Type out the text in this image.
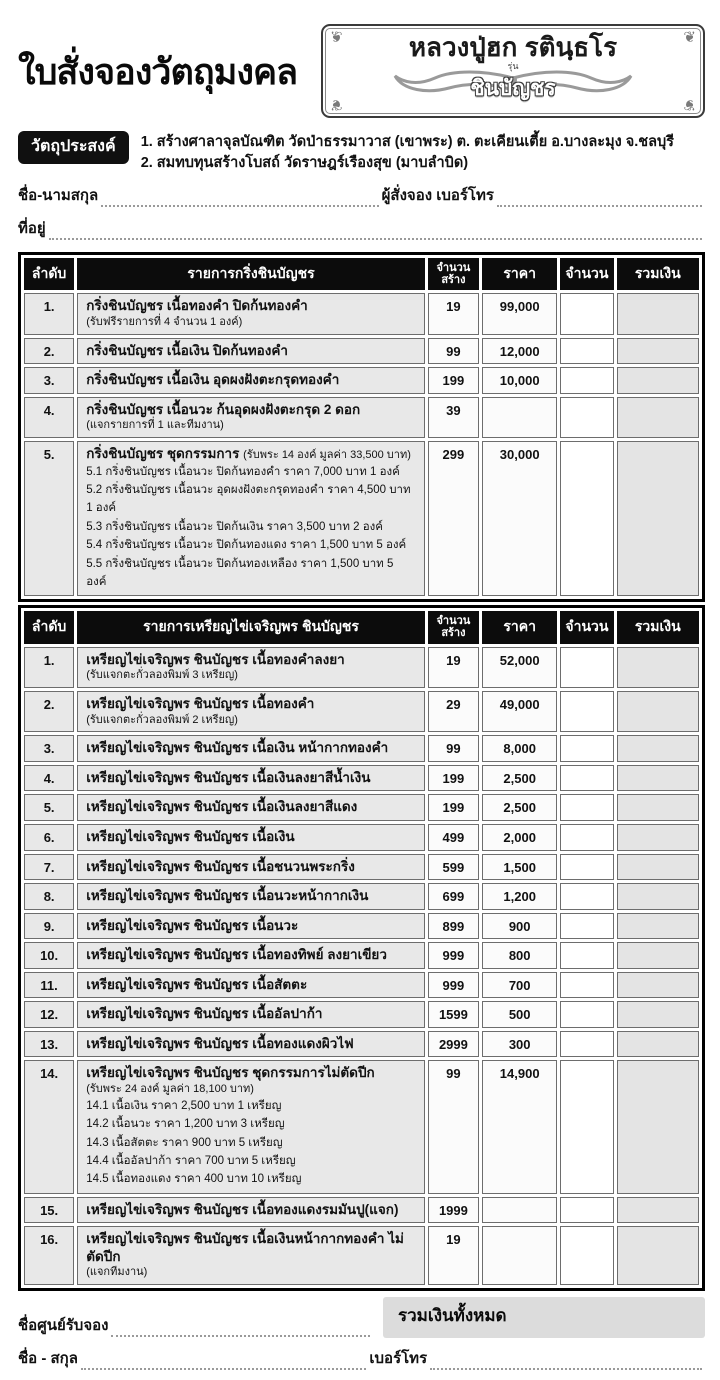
ใบสั่งจองวัตถุมงคล
❦	❦
❦	❦
หลวงปู่ฮก รตินฺธโร
รุ่น
ชินบัญชร
วัตถุประสงค์	1. สร้างศาลาจุลบัณฑิต วัดป่าธรรมาวาส (เขาพระ) ต. ตะเคียนเตี้ย อ.บางละมุง จ.ชลบุรี
2. สมทบทุนสร้างโบสถ์ วัดราษฎร์เรืองสุข (มาบลำบิด)
ชื่อ-นามสกุล	ผู้สั่งจอง เบอร์โทร
ที่อยู่
ลำดับ	รายการกริ่งชินบัญชร	จำนวน
สร้าง	ราคา	จำนวน	รวมเงิน
1.	กริ่งชินบัญชร เนื้อทองคำ ปิดก้นทองคำ
(รับฟรีรายการที่ 4 จำนวน 1 องค์)	19	99,000		
2.	กริ่งชินบัญชร เนื้อเงิน ปิดก้นทองคำ	99	12,000		
3.	กริ่งชินบัญชร เนื้อเงิน อุดผงฝังตะกรุดทองคำ	199	10,000		
4.	กริ่งชินบัญชร เนื้อนวะ ก้นอุดผงฝังตะกรุด 2 ดอก
(แจกรายการที่ 1 และทีมงาน)	39			
5.	กริ่งชินบัญชร ชุดกรรมการ (รับพระ 14 องค์ มูลค่า 33,500 บาท)
5.1 กริ่งชินบัญชร เนื้อนวะ ปิดก้นทองคำ ราคา 7,000 บาท 1 องค์
5.2 กริ่งชินบัญชร เนื้อนวะ อุดผงฝังตะกรุดทองคำ ราคา 4,500 บาท 1 องค์
5.3 กริ่งชินบัญชร เนื้อนวะ ปิดก้นเงิน ราคา 3,500 บาท 2 องค์
5.4 กริ่งชินบัญชร เนื้อนวะ ปิดก้นทองแดง ราคา 1,500 บาท 5 องค์
5.5 กริ่งชินบัญชร เนื้อนวะ ปิดก้นทองเหลือง ราคา 1,500 บาท 5 องค์
	299	30,000		
ลำดับ	รายการเหรียญไข่เจริญพร ชินบัญชร	จำนวน
สร้าง	ราคา	จำนวน	รวมเงิน
1.	เหรียญไข่เจริญพร ชินบัญชร เนื้อทองคำลงยา
(รับแจกตะกั่วลองพิมพ์ 3 เหรียญ)	19	52,000		
2.	เหรียญไข่เจริญพร ชินบัญชร เนื้อทองคำ
(รับแจกตะกั่วลองพิมพ์ 2 เหรียญ)	29	49,000		
3.	เหรียญไข่เจริญพร ชินบัญชร เนื้อเงิน หน้ากากทองคำ	99	8,000		
4.	เหรียญไข่เจริญพร ชินบัญชร เนื้อเงินลงยาสีน้ำเงิน	199	2,500		
5.	เหรียญไข่เจริญพร ชินบัญชร เนื้อเงินลงยาสีแดง	199	2,500		
6.	เหรียญไข่เจริญพร ชินบัญชร เนื้อเงิน	499	2,000		
7.	เหรียญไข่เจริญพร ชินบัญชร เนื้อชนวนพระกริ่ง	599	1,500		
8.	เหรียญไข่เจริญพร ชินบัญชร เนื้อนวะหน้ากากเงิน	699	1,200		
9.	เหรียญไข่เจริญพร ชินบัญชร เนื้อนวะ	899	900		
10.	เหรียญไข่เจริญพร ชินบัญชร เนื้อทองทิพย์ ลงยาเขียว	999	800		
11.	เหรียญไข่เจริญพร ชินบัญชร เนื้อสัตตะ	999	700		
12.	เหรียญไข่เจริญพร ชินบัญชร เนื้ออัลปาก้า	1599	500		
13.	เหรียญไข่เจริญพร ชินบัญชร เนื้อทองแดงผิวไฟ	2999	300		
14.	เหรียญไข่เจริญพร ชินบัญชร ชุดกรรมการไม่ตัดปีก
(รับพระ 24 องค์ มูลค่า 18,100 บาท)
14.1 เนื้อเงิน ราคา 2,500 บาท 1 เหรียญ
14.2 เนื้อนวะ ราคา 1,200 บาท 3 เหรียญ
14.3 เนื้อสัตตะ ราคา 900 บาท 5 เหรียญ
14.4 เนื้ออัลปาก้า ราคา 700 บาท 5 เหรียญ
14.5 เนื้อทองแดง ราคา 400 บาท 10 เหรียญ
	99	14,900		
15.	เหรียญไข่เจริญพร ชินบัญชร เนื้อทองแดงรมมันปู(แจก)	1999			
16.	เหรียญไข่เจริญพร ชินบัญชร เนื้อเงินหน้ากากทองคำ ไม่ตัดปีก
(แจกทีมงาน)	19			
ชื่อศูนย์รับจอง
รวมเงินทั้งหมด
ชื่อ - สกุล	เบอร์โทร
